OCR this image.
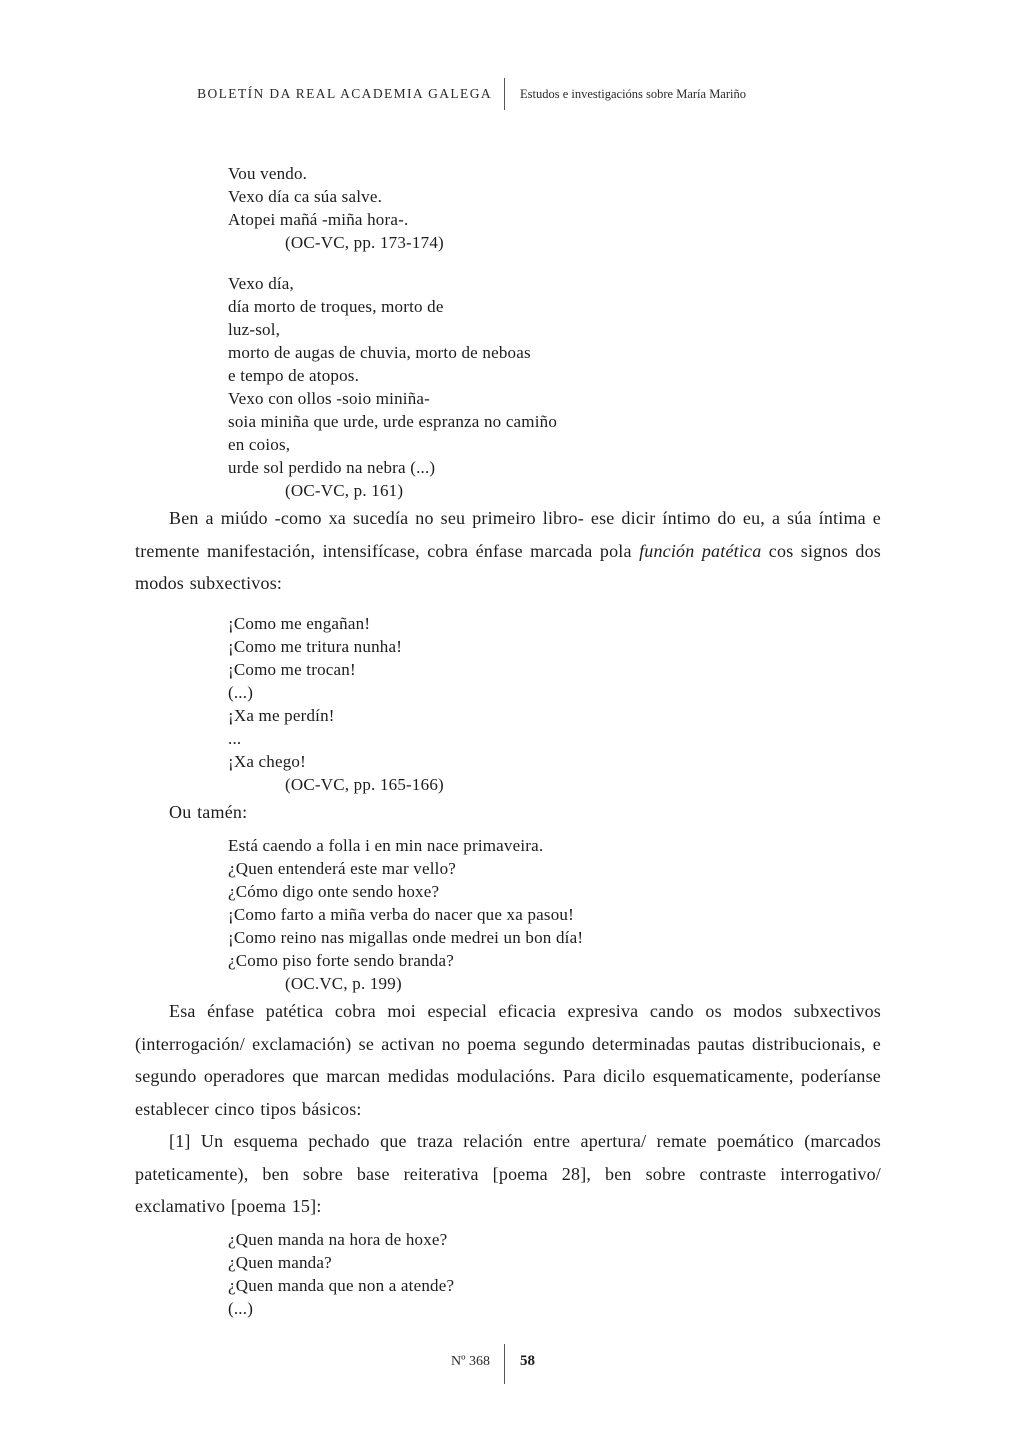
BOLETÍN DA REAL ACADEMIA GALEGA Estudos e investigacións sobre María Mariño
Vou vendo.
Vexo día ca súa salve.
Atopei mañá -miña hora-.
(OC-VC, pp. 173-174)
Vexo día,
día morto de troques, morto de
luz-sol,
morto de augas de chuvia, morto de neboas
e tempo de atopos.
Vexo con ollos -soio miniña-
soia miniña que urde, urde espranza no camiño
en coios,
urde sol perdido na nebra (...)
(OC-VC, p. 161)

Ben a miúdo -como xa sucedía no seu primeiro libro- ese dicir íntimo do eu, a súa íntima e tremente manifestación, intensifícase, cobra énfase marcada pola función patética cos signos dos modos subxectivos:

¡Como me engañan!
¡Como me tritura nunha!
¡Como me trocan!
(...)
¡Xa me perdín!
...
¡Xa chego!
(OC-VC, pp. 165-166)

Ou tamén:

Está caendo a folla i en min nace primaveira.
¿Quen entenderá este mar vello?
¿Cómo digo onte sendo hoxe?
¡Como farto a miña verba do nacer que xa pasou!
¡Como reino nas migallas onde medrei un bon día!
¿Como piso forte sendo branda?
(OC.VC, p. 199)

Esa énfase patética cobra moi especial eficacia expresiva cando os modos subxectivos (interrogación/ exclamación) se activan no poema segundo determinadas pautas distribucionais, e segundo operadores que marcan medidas modulacións. Para dicilo esquematicamente, poderíanse establecer cinco tipos básicos:

[1] Un esquema pechado que traza relación entre apertura/ remate poemático (marcados pateticamente), ben sobre base reiterativa [poema 28], ben sobre contraste interrogativo/ exclamativo [poema 15]:

¿Quen manda na hora de hoxe?
¿Quen manda?
¿Quen manda que non a atende?
(...)
Nº 368 58
